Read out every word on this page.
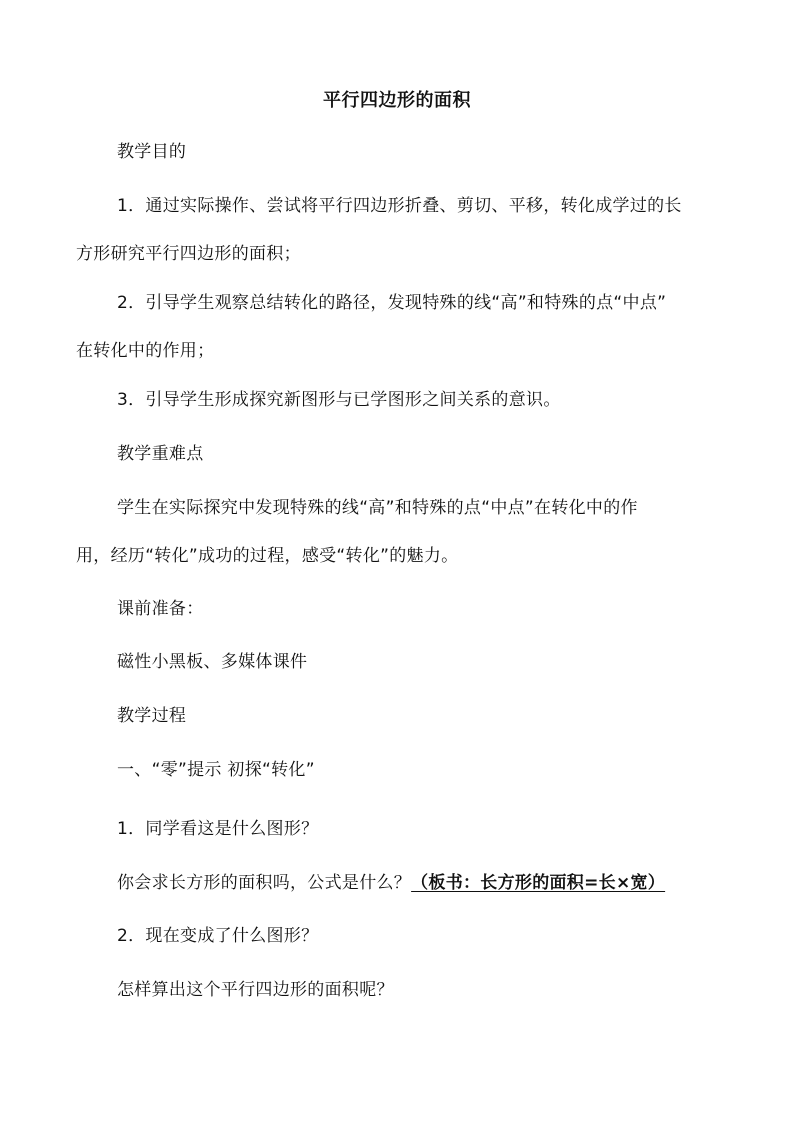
平行四边形的面积
教学目的
1．通过实际操作、尝试将平行四边形折叠、剪切、平移，转化成学过的长
方形研究平行四边形的面积；
2．引导学生观察总结转化的路径，发现特殊的线“高”和特殊的点“中点”
在转化中的作用；
3．引导学生形成探究新图形与已学图形之间关系的意识。
教学重难点
学生在实际探究中发现特殊的线“高”和特殊的点“中点”在转化中的作
用，经历“转化”成功的过程，感受“转化”的魅力。
课前准备：
磁性小黑板、多媒体课件
教学过程
一、“零”提示 初探“转化”
1．同学看这是什么图形？
你会求长方形的面积吗，公式是什么？（板书：长方形的面积=长×宽）
2．现在变成了什么图形？
怎样算出这个平行四边形的面积呢？
